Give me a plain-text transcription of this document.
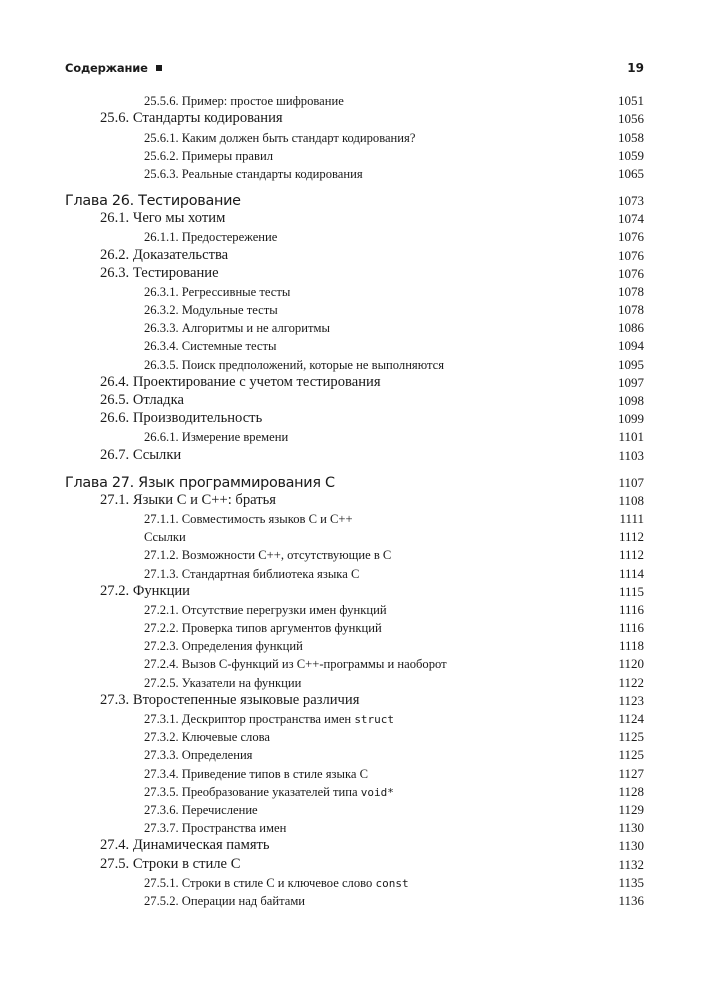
Содержание	19
25.5.6. Пример: простое шифрование	1051
25.6. Стандарты кодирования	1056
25.6.1. Каким должен быть стандарт кодирования?	1058
25.6.2. Примеры правил	1059
25.6.3. Реальные стандарты кодирования	1065
Глава 26. Тестирование	1073
26.1. Чего мы хотим	1074
26.1.1. Предостережение	1076
26.2. Доказательства	1076
26.3. Тестирование	1076
26.3.1. Регрессивные тесты	1078
26.3.2. Модульные тесты	1078
26.3.3. Алгоритмы и не алгоритмы	1086
26.3.4. Системные тесты	1094
26.3.5. Поиск предположений, которые не выполняются	1095
26.4. Проектирование с учетом тестирования	1097
26.5. Отладка	1098
26.6. Производительность	1099
26.6.1. Измерение времени	1101
26.7. Ссылки	1103
Глава 27. Язык программирования С	1107
27.1. Языки С и С++: братья	1108
27.1.1. Совместимость языков С и С++	1111
Ссылки	1112
27.1.2. Возможности С++, отсутствующие в С	1112
27.1.3. Стандартная библиотека языка С	1114
27.2. Функции	1115
27.2.1. Отсутствие перегрузки имен функций	1116
27.2.2. Проверка типов аргументов функций	1116
27.2.3. Определения функций	1118
27.2.4. Вызов С-функций из С++-программы и наоборот	1120
27.2.5. Указатели на функции	1122
27.3. Второстепенные языковые различия	1123
27.3.1. Дескриптор пространства имен struct	1124
27.3.2. Ключевые слова	1125
27.3.3. Определения	1125
27.3.4. Приведение типов в стиле языка С	1127
27.3.5. Преобразование указателей типа void*	1128
27.3.6. Перечисление	1129
27.3.7. Пространства имен	1130
27.4. Динамическая память	1130
27.5. Строки в стиле С	1132
27.5.1. Строки в стиле С и ключевое слово const	1135
27.5.2. Операции над байтами	1136
